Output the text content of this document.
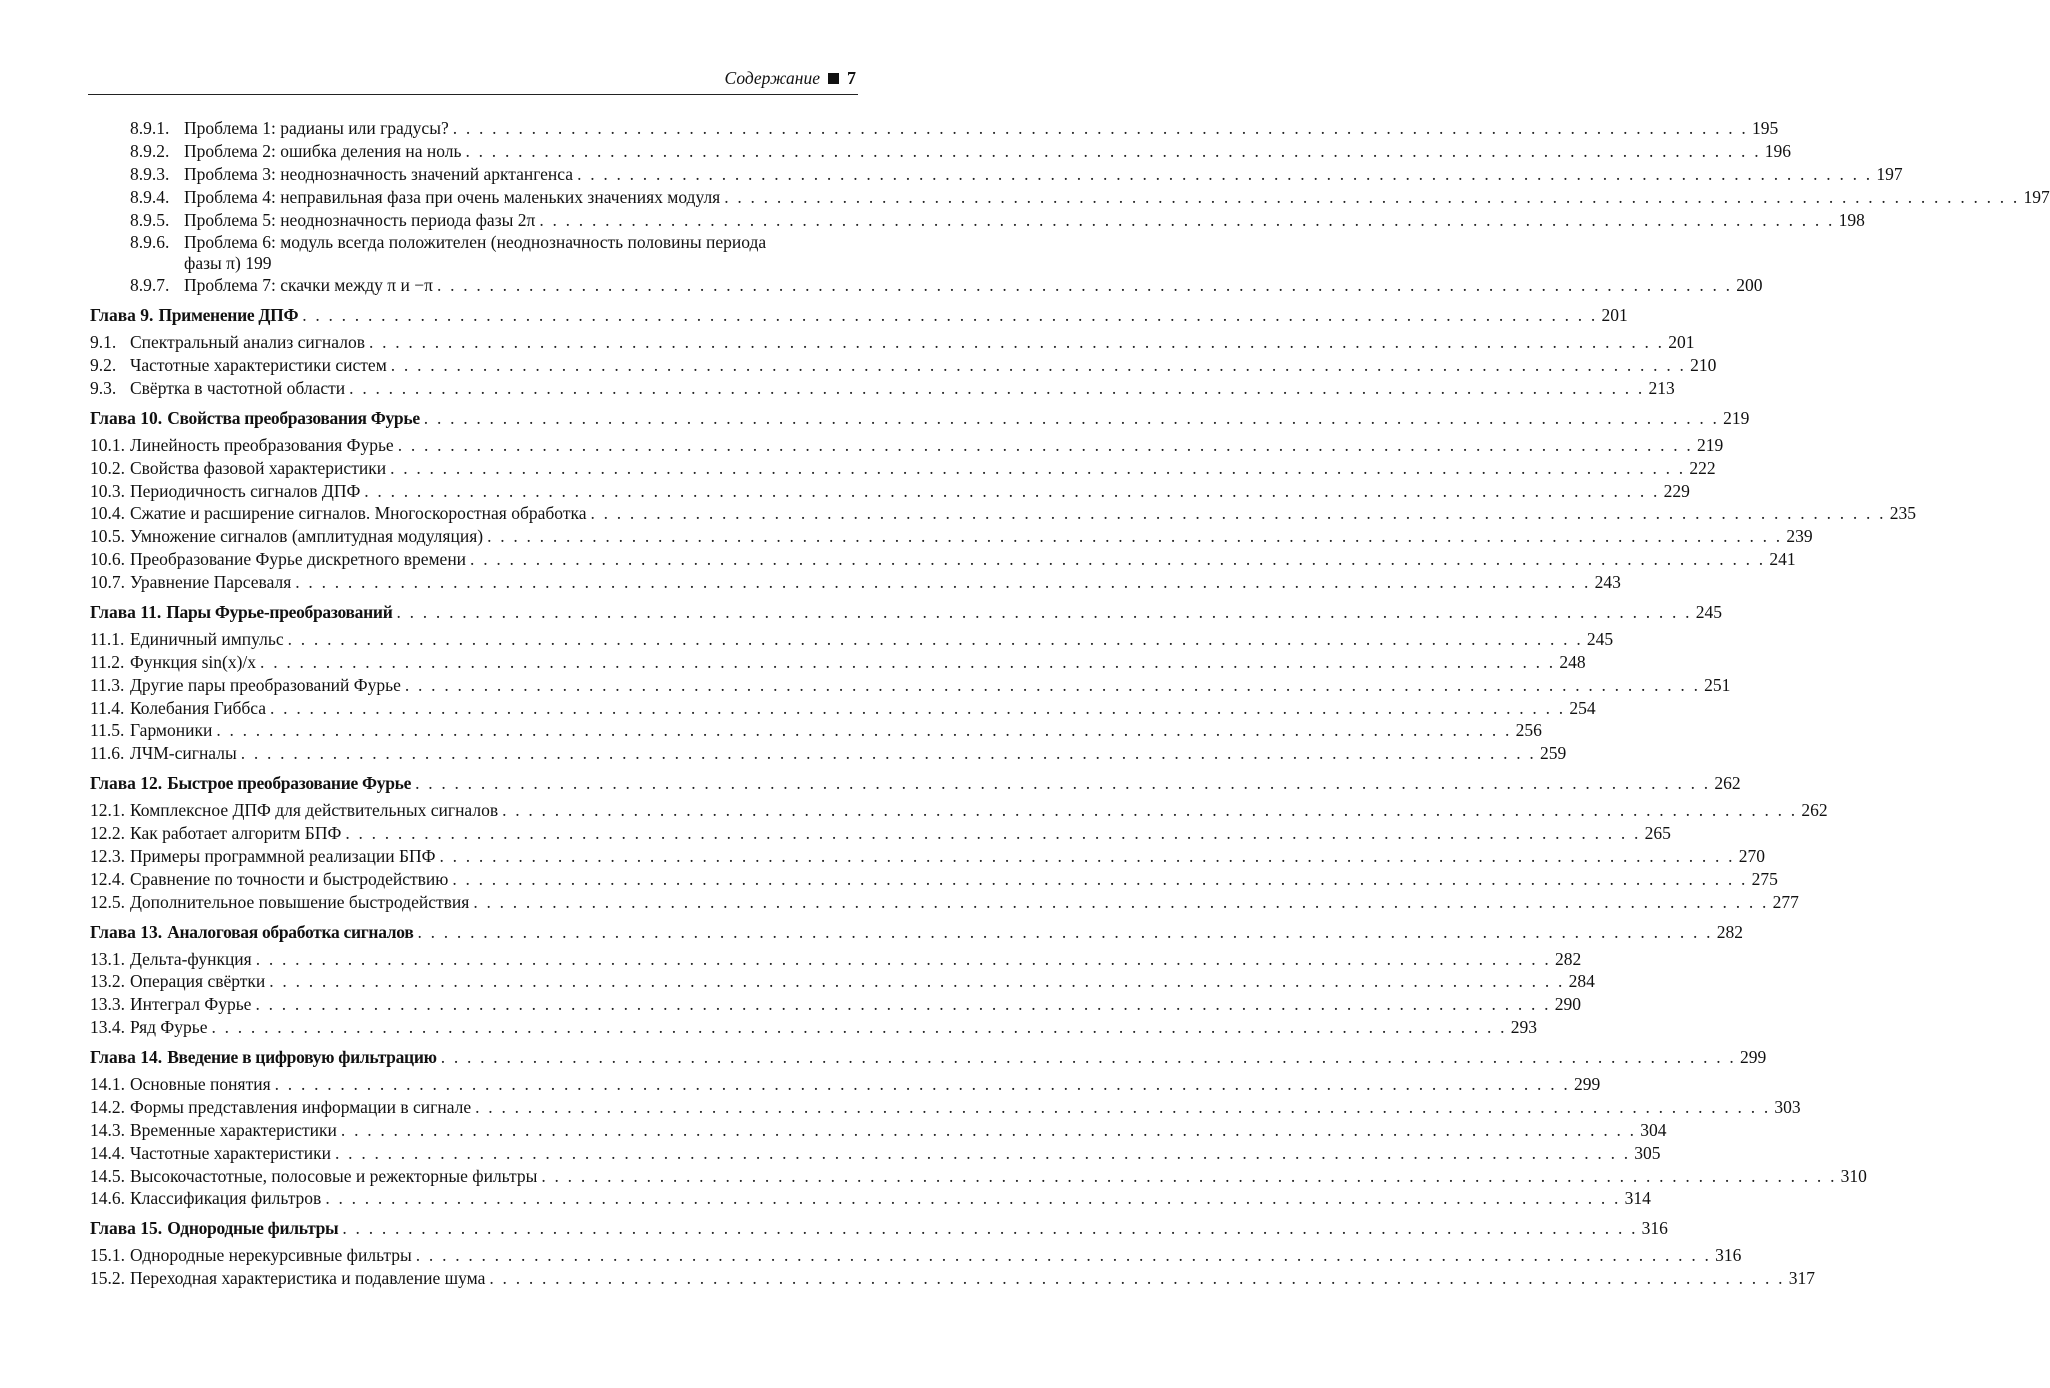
Содержание 7
8.9.1. Проблема 1: радианы или градусы? . . .	195
8.9.2. Проблема 2: ошибка деления на ноль . . .	196
8.9.3. Проблема 3: неоднозначность значений арктангенса . . .	197
8.9.4. Проблема 4: неправильная фаза при очень маленьких значениях модуля . . .	197
8.9.5. Проблема 5: неоднозначность периода фазы 2π . . .	198
8.9.6. Проблема 6: модуль всегда положителен (неоднозначность половины периода
фазы π) 199
8.9.7. Проблема 7: скачки между π и −π . . .	200
Глава 9. Применение ДПФ . . .	201
9.1. Спектральный анализ сигналов . . .	201
9.2. Частотные характеристики систем . . .	210
9.3. Свёртка в частотной области . . .	213
Глава 10. Свойства преобразования Фурье . . .	219
10.1. Линейность преобразования Фурье . . .	219
10.2. Свойства фазовой характеристики . . .	222
10.3. Периодичность сигналов ДПФ . . .	229
10.4. Сжатие и расширение сигналов. Многоскоростная обработка . . .	235
10.5. Умножение сигналов (амплитудная модуляция) . . .	239
10.6. Преобразование Фурье дискретного времени . . .	241
10.7. Уравнение Парсеваля . . .	243
Глава 11. Пары Фурье-преобразований . . .	245
11.1. Единичный импульс . . .	245
11.2. Функция sin(x)/x . . .	248
11.3. Другие пары преобразований Фурье . . .	251
11.4. Колебания Гиббса . . .	254
11.5. Гармоники . . .	256
11.6. ЛЧМ-сигналы . . .	259
Глава 12. Быстрое преобразование Фурье . . .	262
12.1. Комплексное ДПФ для действительных сигналов . . .	262
12.2. Как работает алгоритм БПФ . . .	265
12.3. Примеры программной реализации БПФ . . .	270
12.4. Сравнение по точности и быстродействию . . .	275
12.5. Дополнительное повышение быстродействия . . .	277
Глава 13. Аналоговая обработка сигналов . . .	282
13.1. Дельта-функция . . .	282
13.2. Операция свёртки . . .	284
13.3. Интеграл Фурье . . .	290
13.4. Ряд Фурье . . .	293
Глава 14. Введение в цифровую фильтрацию . . .	299
14.1. Основные понятия . . .	299
14.2. Формы представления информации в сигнале . . .	303
14.3. Временные характеристики . . .	304
14.4. Частотные характеристики . . .	305
14.5. Высокочастотные, полосовые и режекторные фильтры . . .	310
14.6. Классификация фильтров . . .	314
Глава 15. Однородные фильтры . . .	316
15.1. Однородные нерекурсивные фильтры . . .	316
15.2. Переходная характеристика и подавление шума . . .	317
